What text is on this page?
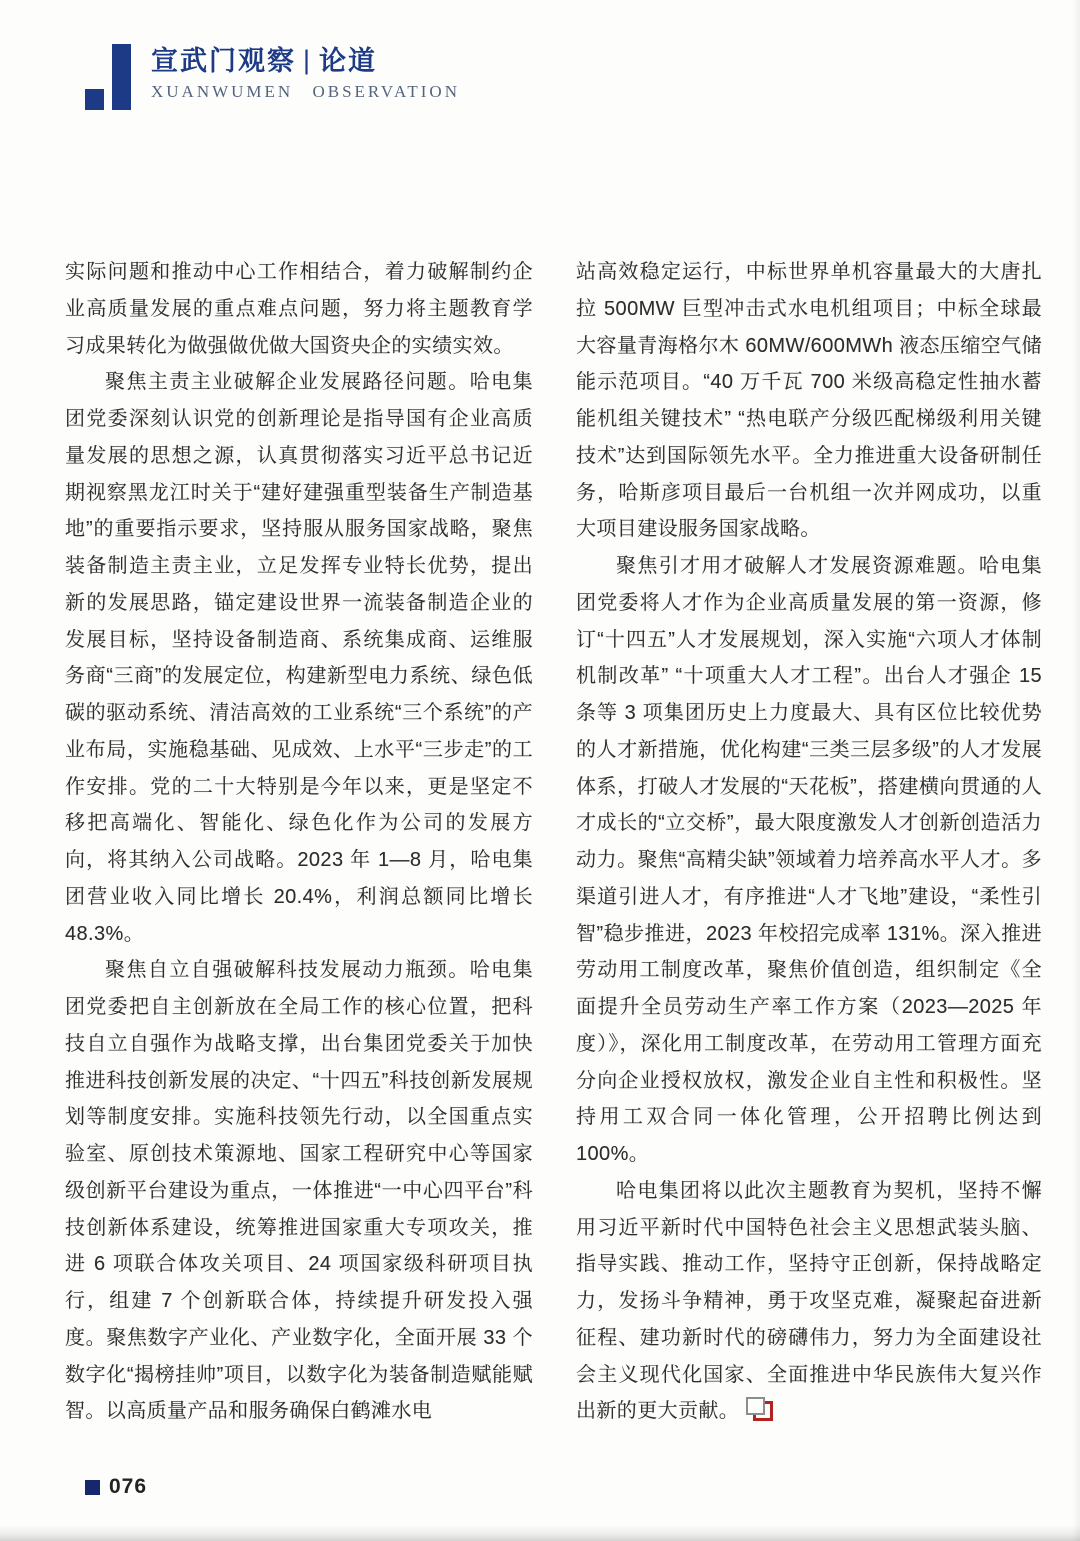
宣武门观察 | 论道
XUANWUMEN OBSERVATION

实际问题和推动中心工作相结合，着力破解制约企业高质量发展的重点难点问题，努力将主题教育学习成果转化为做强做优做大国资央企的实绩实效。

聚焦主责主业破解企业发展路径问题。哈电集团党委深刻认识党的创新理论是指导国有企业高质量发展的思想之源，认真贯彻落实习近平总书记近期视察黑龙江时关于“建好建强重型装备生产制造基地”的重要指示要求，坚持服从服务国家战略，聚焦装备制造主责主业，立足发挥专业特长优势，提出新的发展思路，锚定建设世界一流装备制造企业的发展目标，坚持设备制造商、系统集成商、运维服务商“三商”的发展定位，构建新型电力系统、绿色低碳的驱动系统、清洁高效的工业系统“三个系统”的产业布局，实施稳基础、见成效、上水平“三步走”的工作安排。党的二十大特别是今年以来，更是坚定不移把高端化、智能化、绿色化作为公司的发展方向，将其纳入公司战略。2023 年 1—8 月，哈电集团营业收入同比增长 20.4%，利润总额同比增长 48.3%。

聚焦自立自强破解科技发展动力瓶颈。哈电集团党委把自主创新放在全局工作的核心位置，把科技自立自强作为战略支撑，出台集团党委关于加快推进科技创新发展的决定、“十四五”科技创新发展规划等制度安排。实施科技领先行动，以全国重点实验室、原创技术策源地、国家工程研究中心等国家级创新平台建设为重点，一体推进“一中心四平台”科技创新体系建设，统筹推进国家重大专项攻关，推进 6 项联合体攻关项目、24 项国家级科研项目执行，组建 7 个创新联合体，持续提升研发投入强度。聚焦数字产业化、产业数字化，全面开展 33 个数字化“揭榜挂帅”项目，以数字化为装备制造赋能赋智。以高质量产品和服务确保白鹤滩水电

站高效稳定运行，中标世界单机容量最大的大唐扎拉 500MW 巨型冲击式水电机组项目；中标全球最大容量青海格尔木 60MW/600MWh 液态压缩空气储能示范项目。“40 万千瓦 700 米级高稳定性抽水蓄能机组关键技术” “热电联产分级匹配梯级利用关键技术”达到国际领先水平。全力推进重大设备研制任务，哈斯彦项目最后一台机组一次并网成功，以重大项目建设服务国家战略。

聚焦引才用才破解人才发展资源难题。哈电集团党委将人才作为企业高质量发展的第一资源，修订“十四五”人才发展规划，深入实施“六项人才体制机制改革” “十项重大人才工程”。出台人才强企 15 条等 3 项集团历史上力度最大、具有区位比较优势的人才新措施，优化构建“三类三层多级”的人才发展体系，打破人才发展的“天花板”，搭建横向贯通的人才成长的“立交桥”，最大限度激发人才创新创造活力动力。聚焦“高精尖缺”领域着力培养高水平人才。多渠道引进人才，有序推进“人才飞地”建设，“柔性引智”稳步推进，2023 年校招完成率 131%。深入推进劳动用工制度改革，聚焦价值创造，组织制定《全面提升全员劳动生产率工作方案（2023—2025 年度）》，深化用工制度改革，在劳动用工管理方面充分向企业授权放权，激发企业自主性和积极性。坚持用工双合同一体化管理，公开招聘比例达到 100%。

哈电集团将以此次主题教育为契机，坚持不懈用习近平新时代中国特色社会主义思想武装头脑、指导实践、推动工作，坚持守正创新，保持战略定力，发扬斗争精神，勇于攻坚克难，凝聚起奋进新征程、建功新时代的磅礴伟力，努力为全面建设社会主义现代化国家、全面推进中华民族伟大复兴作出新的更大贡献。

076
